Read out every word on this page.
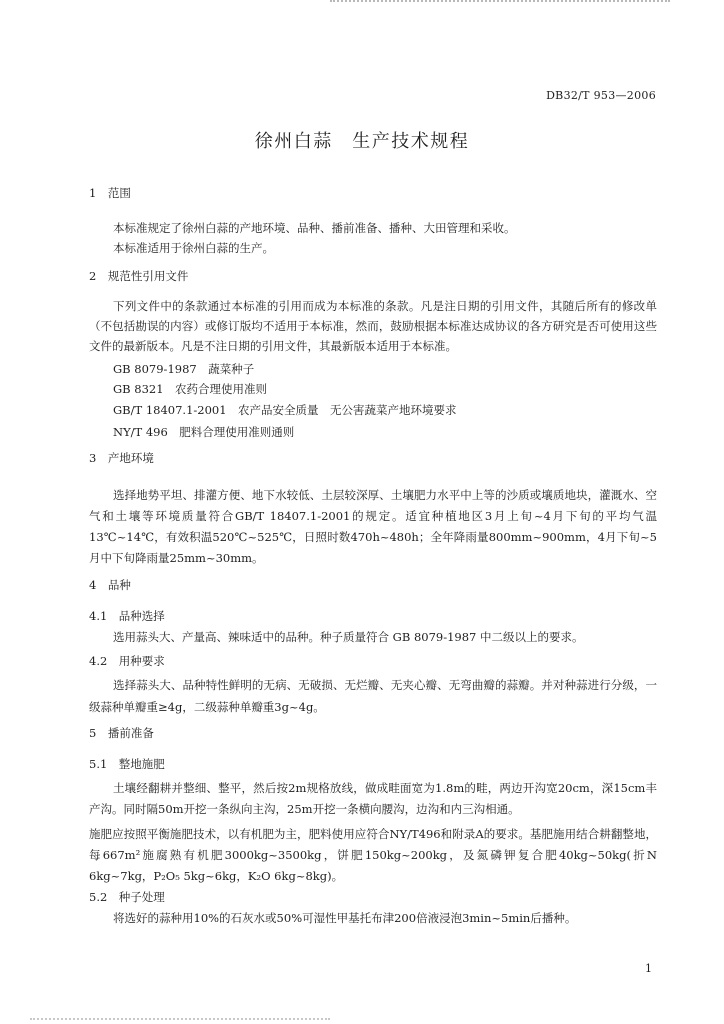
DB32/T 953—2006
徐州白蒜　生产技术规程
1　范围
本标准规定了徐州白蒜的产地环境、品种、播前准备、播种、大田管理和采收。
本标准适用于徐州白蒜的生产。
2　规范性引用文件
下列文件中的条款通过本标准的引用而成为本标准的条款。凡是注日期的引用文件，其随后所有的修改单（不包括勘误的内容）或修订版均不适用于本标准，然而，鼓励根据本标准达成协议的各方研究是否可使用这些文件的最新版本。凡是不注日期的引用文件，其最新版本适用于本标准。
GB 8079-1987　蔬菜种子
GB 8321　农药合理使用准则
GB/T 18407.1-2001　农产品安全质量　无公害蔬菜产地环境要求
NY/T 496　肥料合理使用准则通则
3　产地环境
选择地势平坦、排灌方便、地下水较低、土层较深厚、土壤肥力水平中上等的沙质或壤质地块，灌溉水、空气和土壤等环境质量符合GB/T 18407.1-2001的规定。适宜种植地区3月上旬~4月下旬的平均气温13℃~14℃，有效积温520℃~525℃，日照时数470h~480h；全年降雨量800mm~900mm，4月下旬~5月中下旬降雨量25mm~30mm。
4　品种
4.1　品种选择
选用蒜头大、产量高、辣味适中的品种。种子质量符合 GB 8079-1987 中二级以上的要求。
4.2　用种要求
选择蒜头大、品种特性鲜明的无病、无破损、无烂瓣、无夹心瓣、无弯曲瓣的蒜瓣。并对种蒜进行分级，一级蒜种单瓣重≥4g，二级蒜种单瓣重3g~4g。
5　播前准备
5.1　整地施肥
土壤经翻耕并整细、整平，然后按2m规格放线，做成畦面宽为1.8m的畦，两边开沟宽20cm，深15cm丰产沟。同时隔50m开挖一条纵向主沟，25m开挖一条横向腰沟，边沟和内三沟相通。
施肥应按照平衡施肥技术，以有机肥为主，肥料使用应符合NY/T496和附录A的要求。基肥施用结合耕翻整地，每667m²施腐熟有机肥3000kg~3500kg，饼肥150kg~200kg，及氮磷钾复合肥40kg~50kg(折N 6kg~7kg，P₂O₅ 5kg~6kg，K₂O 6kg~8kg)。
5.2　种子处理
将选好的蒜种用10%的石灰水或50%可湿性甲基托布津200倍液浸泡3min~5min后播种。
1
